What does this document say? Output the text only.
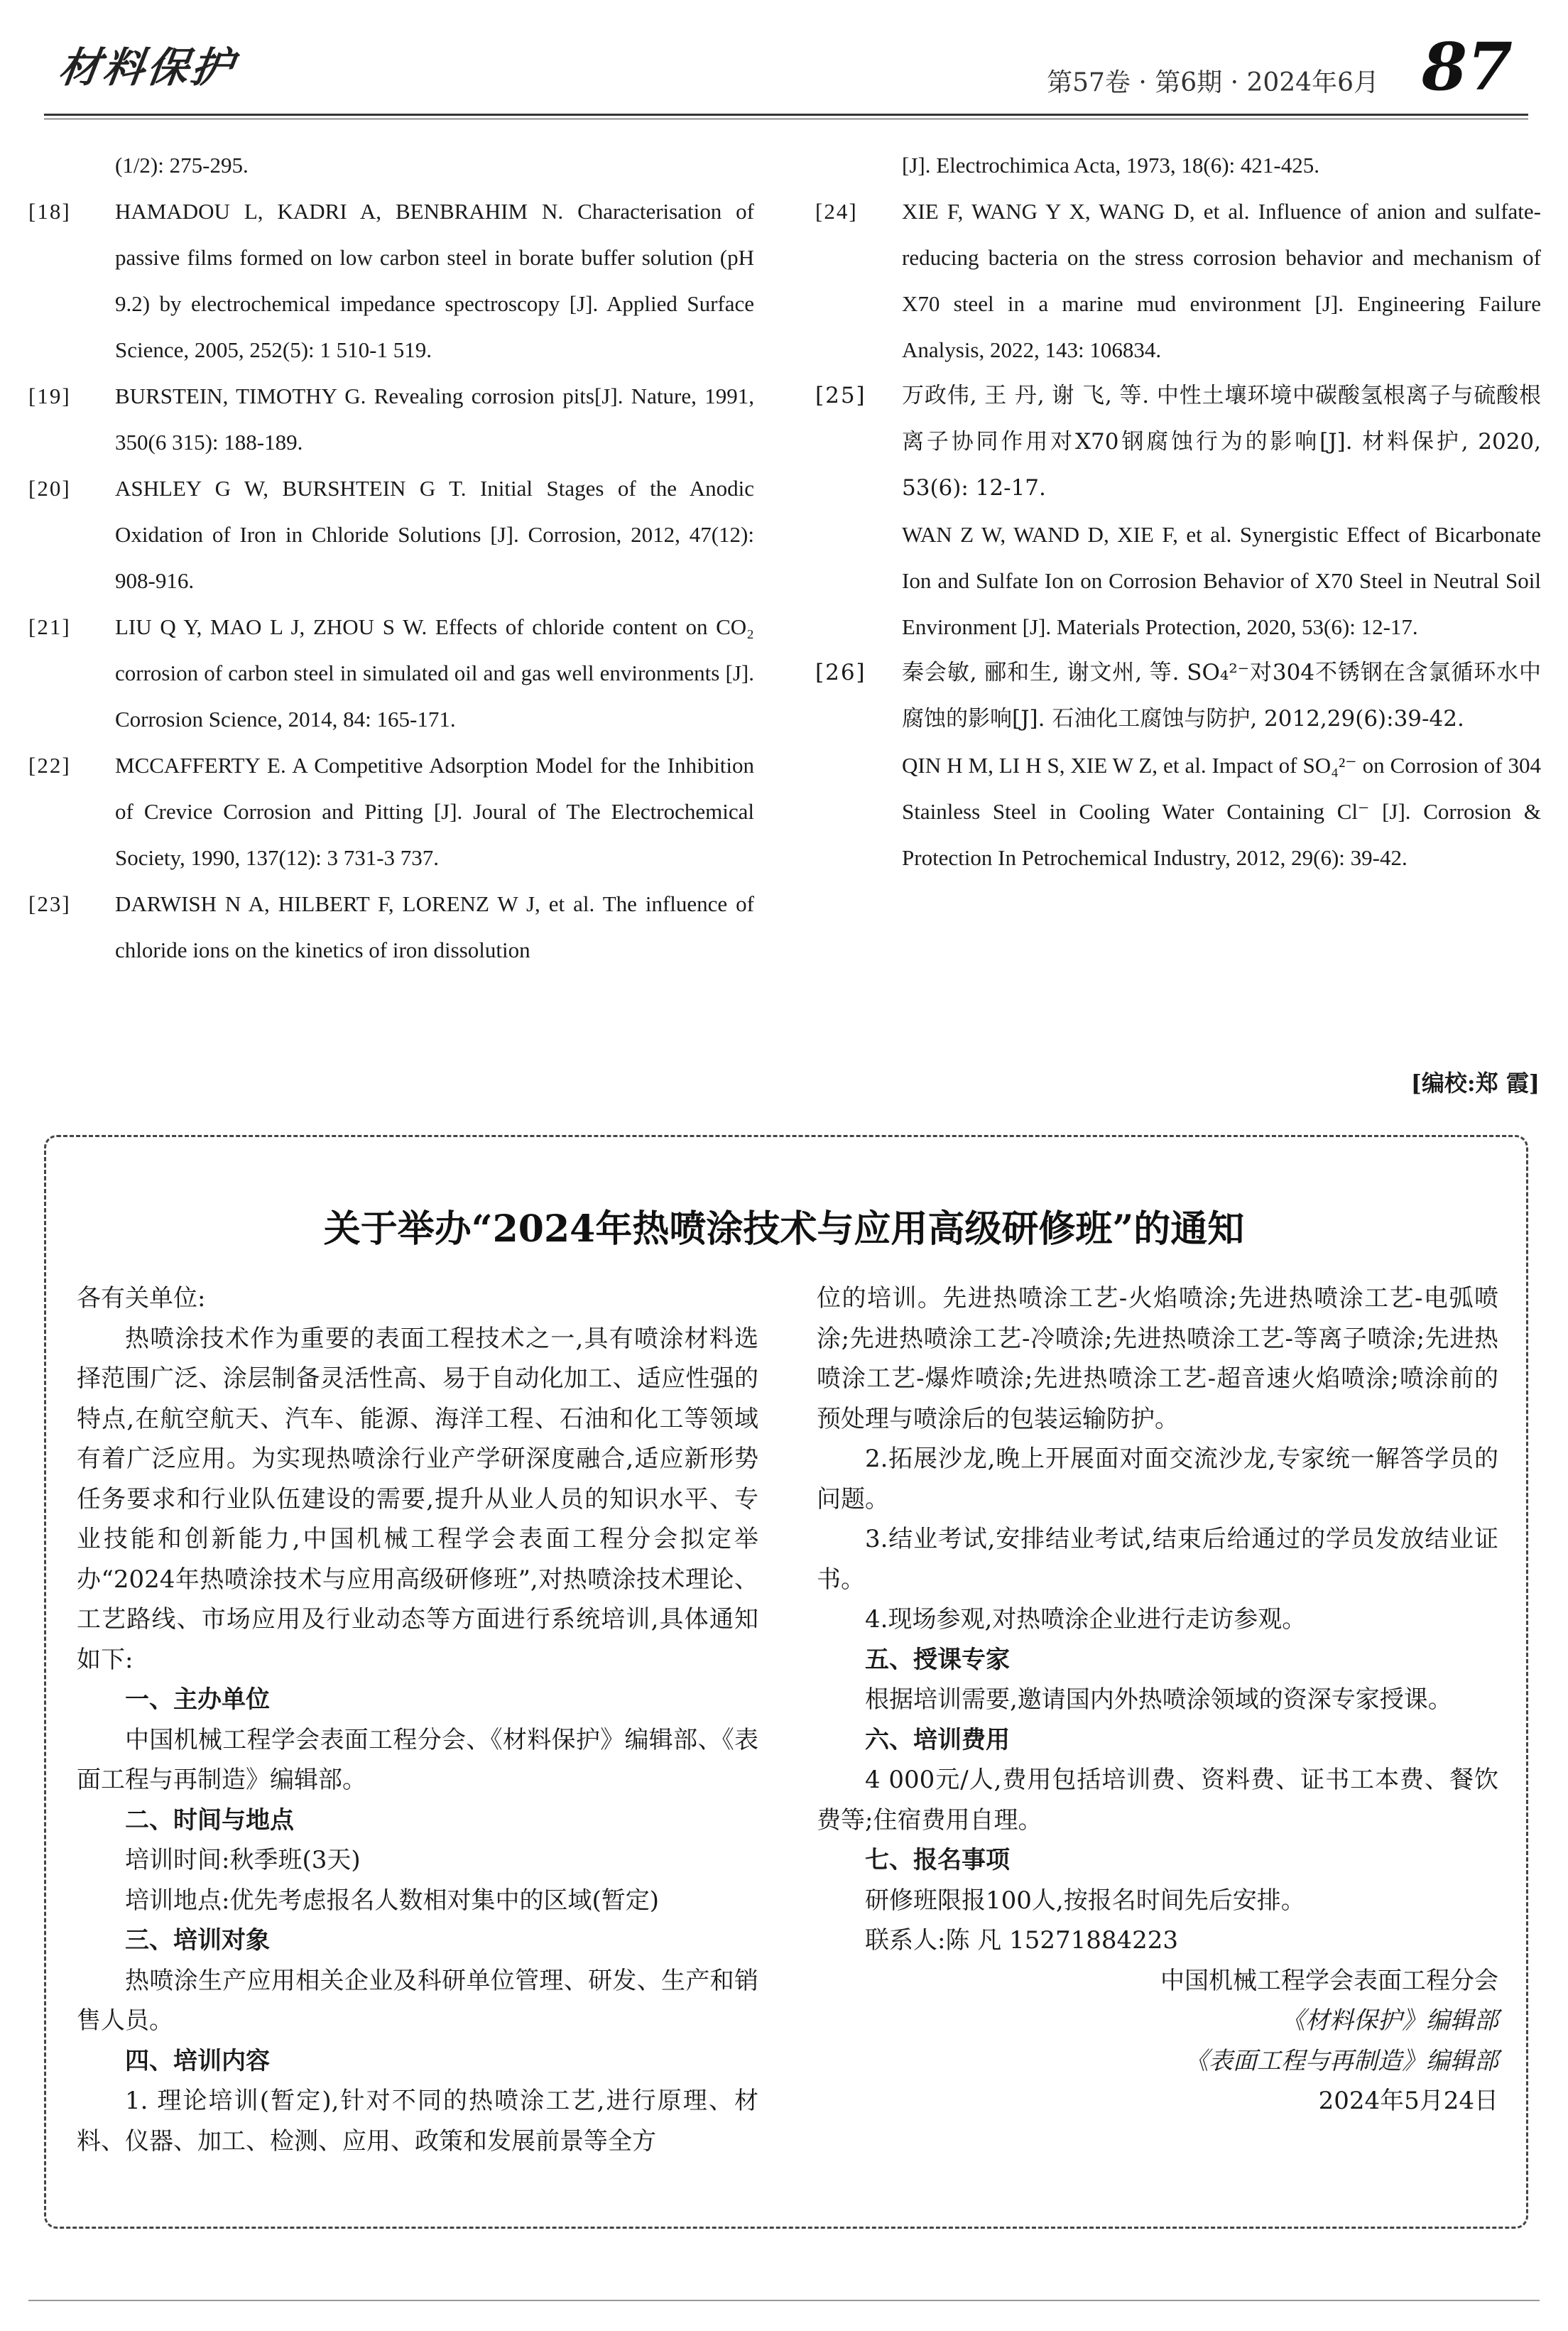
材料保护	第57卷 · 第6期 · 2024年6月 87
(1/2): 275-295.
[18]	HAMADOU L, KADRI A, BENBRAHIM N. Characterisation of passive films formed on low carbon steel in borate buffer solution (pH 9.2) by electrochemical impedance spectroscopy [J]. Applied Surface Science, 2005, 252(5): 1 510-1 519.
[19]	BURSTEIN, TIMOTHY G. Revealing corrosion pits[J]. Nature, 1991, 350(6 315): 188-189.
[20]	ASHLEY G W, BURSHTEIN G T. Initial Stages of the Anodic Oxidation of Iron in Chloride Solutions [J]. Corrosion, 2012, 47(12): 908-916.
[21]	LIU Q Y, MAO L J, ZHOU S W. Effects of chloride content on CO₂ corrosion of carbon steel in simulated oil and gas well environments [J]. Corrosion Science, 2014, 84: 165-171.
[22]	MCCAFFERTY E. A Competitive Adsorption Model for the Inhibition of Crevice Corrosion and Pitting [J]. Joural of The Electrochemical Society, 1990, 137(12): 3 731-3 737.
[23]	DARWISH N A, HILBERT F, LORENZ W J, et al. The influence of chloride ions on the kinetics of iron dissolution
[J]. Electrochimica Acta, 1973, 18(6): 421-425.
[24]	XIE F, WANG Y X, WANG D, et al. Influence of anion and sulfate-reducing bacteria on the stress corrosion behavior and mechanism of X70 steel in a marine mud environment [J]. Engineering Failure Analysis, 2022, 143: 106834.
[25]	万政伟, 王 丹, 谢 飞, 等. 中性土壤环境中碳酸氢根离子与硫酸根离子协同作用对X70钢腐蚀行为的影响[J]. 材料保护, 2020, 53(6): 12-17.
WAN Z W, WAND D, XIE F, et al. Synergistic Effect of Bicarbonate Ion and Sulfate Ion on Corrosion Behavior of X70 Steel in Neutral Soil Environment [J]. Materials Protection, 2020, 53(6): 12-17.
[26]	秦会敏, 郦和生, 谢文州, 等. SO₄²⁻对304不锈钢在含氯循环水中腐蚀的影响[J]. 石油化工腐蚀与防护, 2012,29(6):39-42.
QIN H M, LI H S, XIE W Z, et al. Impact of SO₄²⁻ on Corrosion of 304 Stainless Steel in Cooling Water Containing Cl⁻ [J]. Corrosion & Protection In Petrochemical Industry, 2012, 29(6): 39-42.
[编校:郑 霞]
关于举办“2024年热喷涂技术与应用高级研修班”的通知

各有关单位:

热喷涂技术作为重要的表面工程技术之一,具有喷涂材料选择范围广泛、涂层制备灵活性高、易于自动化加工、适应性强的特点,在航空航天、汽车、能源、海洋工程、石油和化工等领域有着广泛应用。为实现热喷涂行业产学研深度融合,适应新形势任务要求和行业队伍建设的需要,提升从业人员的知识水平、专业技能和创新能力,中国机械工程学会表面工程分会拟定举办“2024年热喷涂技术与应用高级研修班”,对热喷涂技术理论、工艺路线、市场应用及行业动态等方面进行系统培训,具体通知如下:

一、主办单位

中国机械工程学会表面工程分会、《材料保护》编辑部、《表面工程与再制造》编辑部。

二、时间与地点

培训时间:秋季班(3天)

培训地点:优先考虑报名人数相对集中的区域(暂定)

三、培训对象

热喷涂生产应用相关企业及科研单位管理、研发、生产和销售人员。

四、培训内容

1. 理论培训(暂定),针对不同的热喷涂工艺,进行原理、材料、仪器、加工、检测、应用、政策和发展前景等全方

位的培训。先进热喷涂工艺-火焰喷涂;先进热喷涂工艺-电弧喷涂;先进热喷涂工艺-冷喷涂;先进热喷涂工艺-等离子喷涂;先进热喷涂工艺-爆炸喷涂;先进热喷涂工艺-超音速火焰喷涂;喷涂前的预处理与喷涂后的包装运输防护。

2.拓展沙龙,晚上开展面对面交流沙龙,专家统一解答学员的问题。

3.结业考试,安排结业考试,结束后给通过的学员发放结业证书。

4.现场参观,对热喷涂企业进行走访参观。

五、授课专家

根据培训需要,邀请国内外热喷涂领域的资深专家授课。

六、培训费用

4 000元/人,费用包括培训费、资料费、证书工本费、餐饮费等;住宿费用自理。

七、报名事项

研修班限报100人,按报名时间先后安排。

联系人:陈 凡 15271884223

中国机械工程学会表面工程分会

《材料保护》编辑部

《表面工程与再制造》编辑部

2024年5月24日
